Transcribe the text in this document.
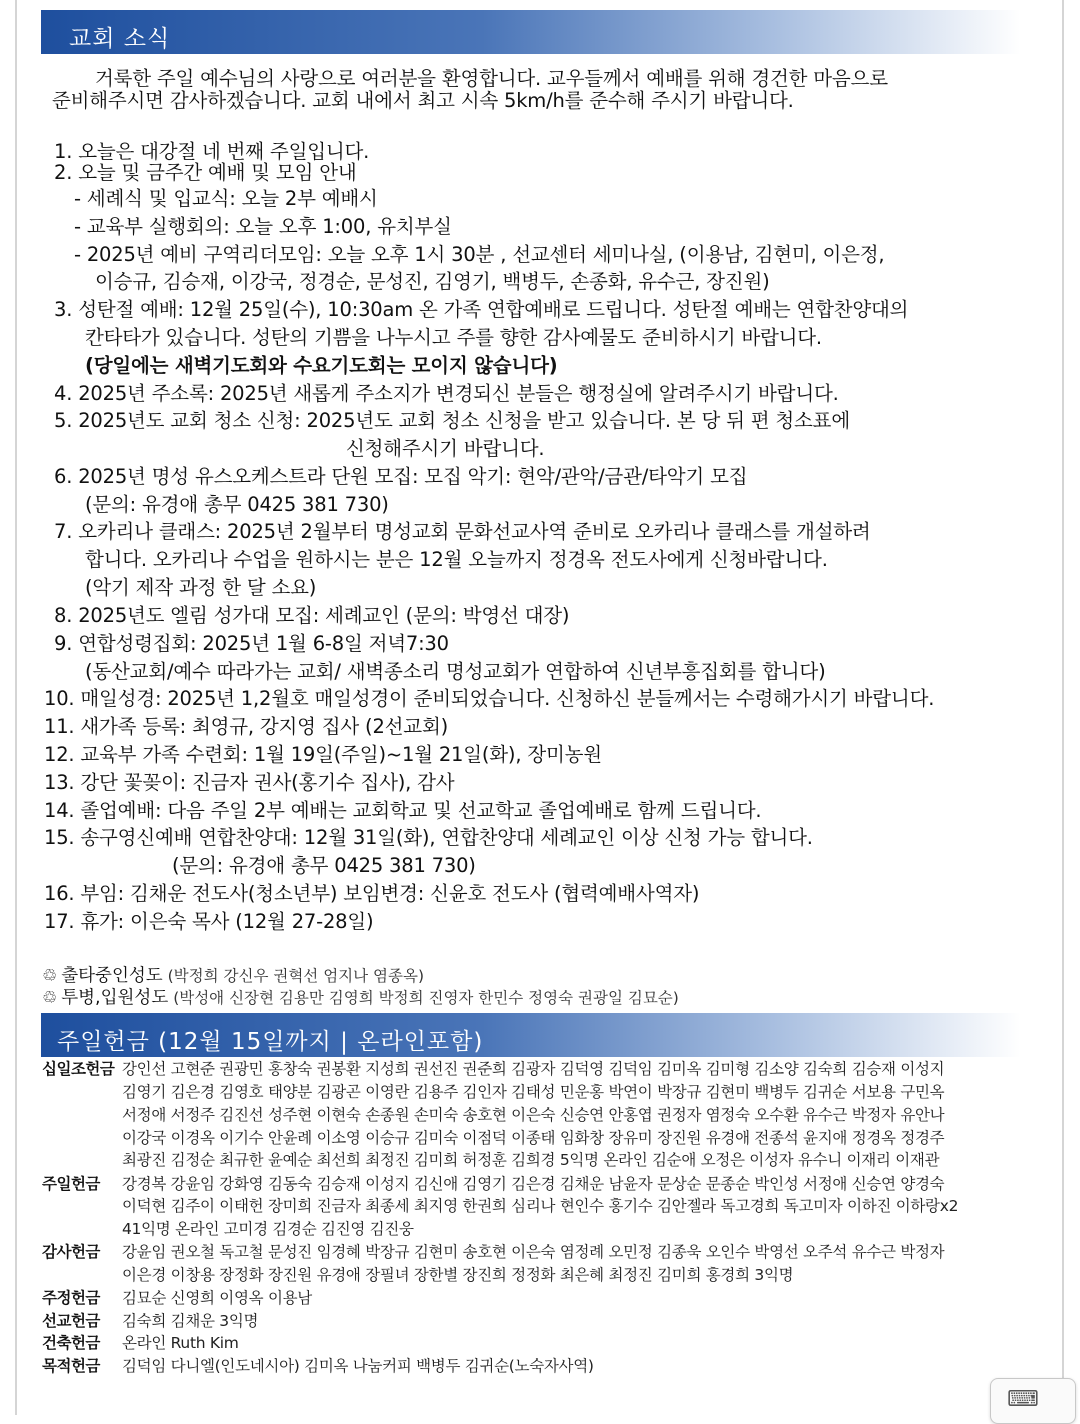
교회 소식
거룩한 주일 예수님의 사랑으로 여러분을 환영합니다. 교우들께서 예배를 위해 경건한 마음으로
준비해주시면 감사하겠습니다. 교회 내에서 최고 시속 5km/h를 준수해 주시기 바랍니다.
1. 오늘은 대강절 네 번째 주일입니다.
2. 오늘 및 금주간 예배 및 모임 안내
- 세례식 및 입교식: 오늘 2부 예배시
- 교육부 실행회의: 오늘 오후 1:00, 유치부실
- 2025년 예비 구역리더모임: 오늘 오후 1시 30분 , 선교센터 세미나실, (이용남, 김현미, 이은정,
이승규, 김승재, 이강국, 정경순, 문성진, 김영기, 백병두, 손종화, 유수근, 장진원)
3. 성탄절 예배: 12월 25일(수), 10:30am 온 가족 연합예배로 드립니다. 성탄절 예배는 연합찬양대의
칸타타가 있습니다. 성탄의 기쁨을 나누시고 주를 향한 감사예물도 준비하시기 바랍니다.
(당일에는 새벽기도회와 수요기도회는 모이지 않습니다)
4. 2025년 주소록: 2025년 새롭게 주소지가 변경되신 분들은 행정실에 알려주시기 바랍니다.
5. 2025년도 교회 청소 신청: 2025년도 교회 청소 신청을 받고 있습니다. 본 당 뒤 편 청소표에
신청해주시기 바랍니다.
6. 2025년 명성 유스오케스트라 단원 모집: 모집 악기: 현악/관악/금관/타악기 모집
(문의: 유경애 총무 0425 381 730)
7. 오카리나 클래스: 2025년 2월부터 명성교회 문화선교사역 준비로 오카리나 클래스를 개설하려
합니다. 오카리나 수업을 원하시는 분은 12월 오늘까지 정경옥 전도사에게 신청바랍니다.
(악기 제작 과정 한 달 소요)
8. 2025년도 엘림 성가대 모집: 세례교인 (문의: 박영선 대장)
9. 연합성령집회: 2025년 1월 6-8일 저녁7:30
(동산교회/예수 따라가는 교회/ 새벽종소리 명성교회가 연합하여 신년부흥집회를 합니다)
10. 매일성경: 2025년 1,2월호 매일성경이 준비되었습니다. 신청하신 분들께서는 수령해가시기 바랍니다.
11. 새가족 등록: 최영규, 강지영 집사 (2선교회)
12. 교육부 가족 수련회: 1월 19일(주일)~1월 21일(화), 장미농원
13. 강단 꽃꽂이: 진금자 권사(홍기수 집사), 감사
14. 졸업예배: 다음 주일 2부 예배는 교회학교 및 선교학교 졸업예배로 함께 드립니다.
15. 송구영신예배 연합찬양대: 12월 31일(화), 연합찬양대 세례교인 이상 신청 가능 합니다.
(문의: 유경애 총무 0425 381 730)
16. 부임: 김채운 전도사(청소년부) 보임변경: 신윤호 전도사 (협력예배사역자)
17. 휴가: 이은숙 목사 (12월 27-28일)
♲ 출타중인성도 (박정희 강신우 권혁선 엄지나 염종옥)
♲ 투병,입원성도 (박성애 신장현 김용만 김영희 박정희 진영자 한민수 정영숙 권광일 김묘순)
주일헌금 (12월 15일까지 | 온라인포함)
십일조헌금 강인선 고현준 권광민 홍창숙 권봉환 지성희 권선진 권준희 김광자 김덕영 김덕임 김미옥 김미형 김소양 김숙희 김승재 이성지
김영기 김은경 김영호 태양분 김광곤 이영란 김용주 김인자 김태성 민운홍 박연이 박장규 김현미 백병두 김귀순 서보용 구민옥
서정애 서정주 김진선 성주현 이현숙 손종원 손미숙 송호현 이은숙 신승연 안홍엽 권정자 염정숙 오수환 유수근 박정자 유안나
이강국 이경옥 이기수 안윤례 이소영 이승규 김미숙 이점덕 이종태 임화창 장유미 장진원 유경애 전종석 윤지애 정경옥 정경주
최광진 김정순 최규한 윤예순 최선희 최정진 김미희 허정훈 김희경 5익명 온라인 김순애 오정은 이성자 유수니 이재리 이재관
주일헌금 강경복 강윤임 강화영 김동숙 김승재 이성지 김신애 김영기 김은경 김채운 남윤자 문상순 문종순 박인성 서정애 신승연 양경숙
이덕현 김주이 이태헌 장미희 진금자 최종세 최지영 한권희 심리나 현인수 홍기수 김안젤라 독고경희 독고미자 이하진 이하랑x2
41익명 온라인 고미경 김경순 김진영 김진웅
감사헌금 강윤임 권오철 독고철 문성진 임경혜 박장규 김현미 송호현 이은숙 염정례 오민정 김종욱 오인수 박영선 오주석 유수근 박정자
이은경 이창용 장정화 장진원 유경애 장필녀 장한별 장진희 정정화 최은혜 최정진 김미희 홍경희 3익명
주정헌금 김묘순 신영희 이영옥 이용남
선교헌금 김숙희 김채운 3익명
건축헌금 온라인 Ruth Kim
목적헌금 김덕임 다니엘(인도네시아) 김미옥 나눔커피 백병두 김귀순(노숙자사역)
⌨
